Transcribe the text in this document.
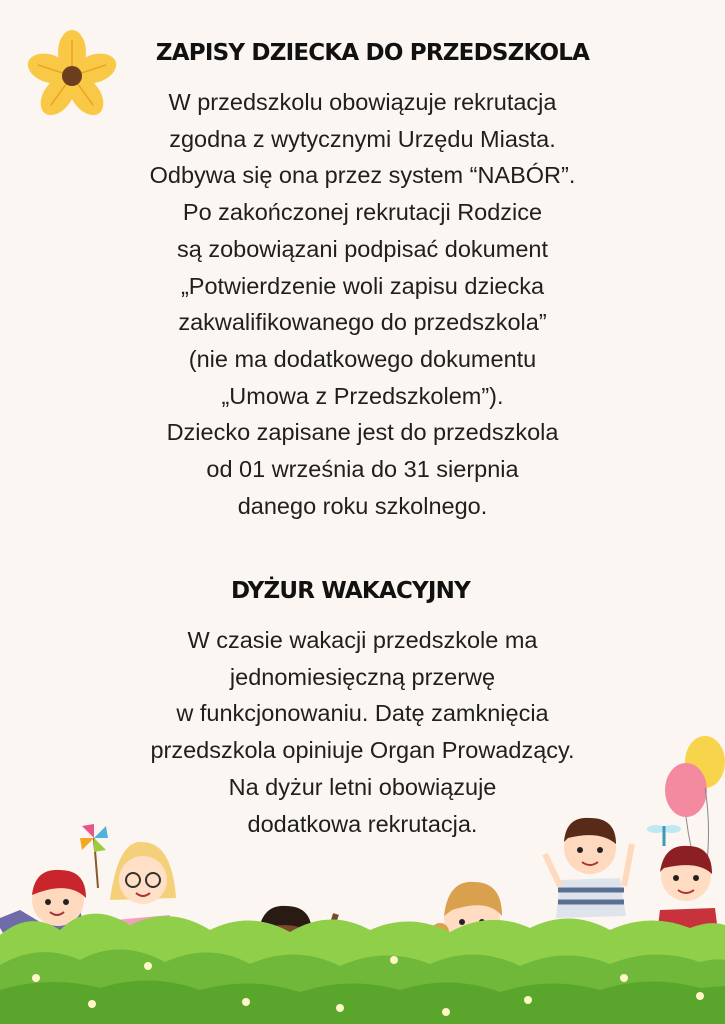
ZAPISY DZIECKA DO PRZEDSZKOLA
W przedszkolu obowiązuje rekrutacja
zgodna z wytycznymi Urzędu Miasta.
Odbywa się ona przez system “NABÓR”.
Po zakończonej rekrutacji Rodzice
są zobowiązani podpisać dokument
„Potwierdzenie woli zapisu dziecka
zakwalifikowanego do przedszkola”
(nie ma dodatkowego dokumentu
„Umowa z Przedszkolem”).
Dziecko zapisane jest do przedszkola
od 01 września do 31 sierpnia
danego roku szkolnego.
DYŻUR WAKACYJNY
W czasie wakacji przedszkole ma
jednomiesięczną przerwę
w funkcjonowaniu. Datę zamknięcia
przedszkola opiniuje Organ Prowadzący.
Na dyżur letni obowiązuje
dodatkowa rekrutacja.
